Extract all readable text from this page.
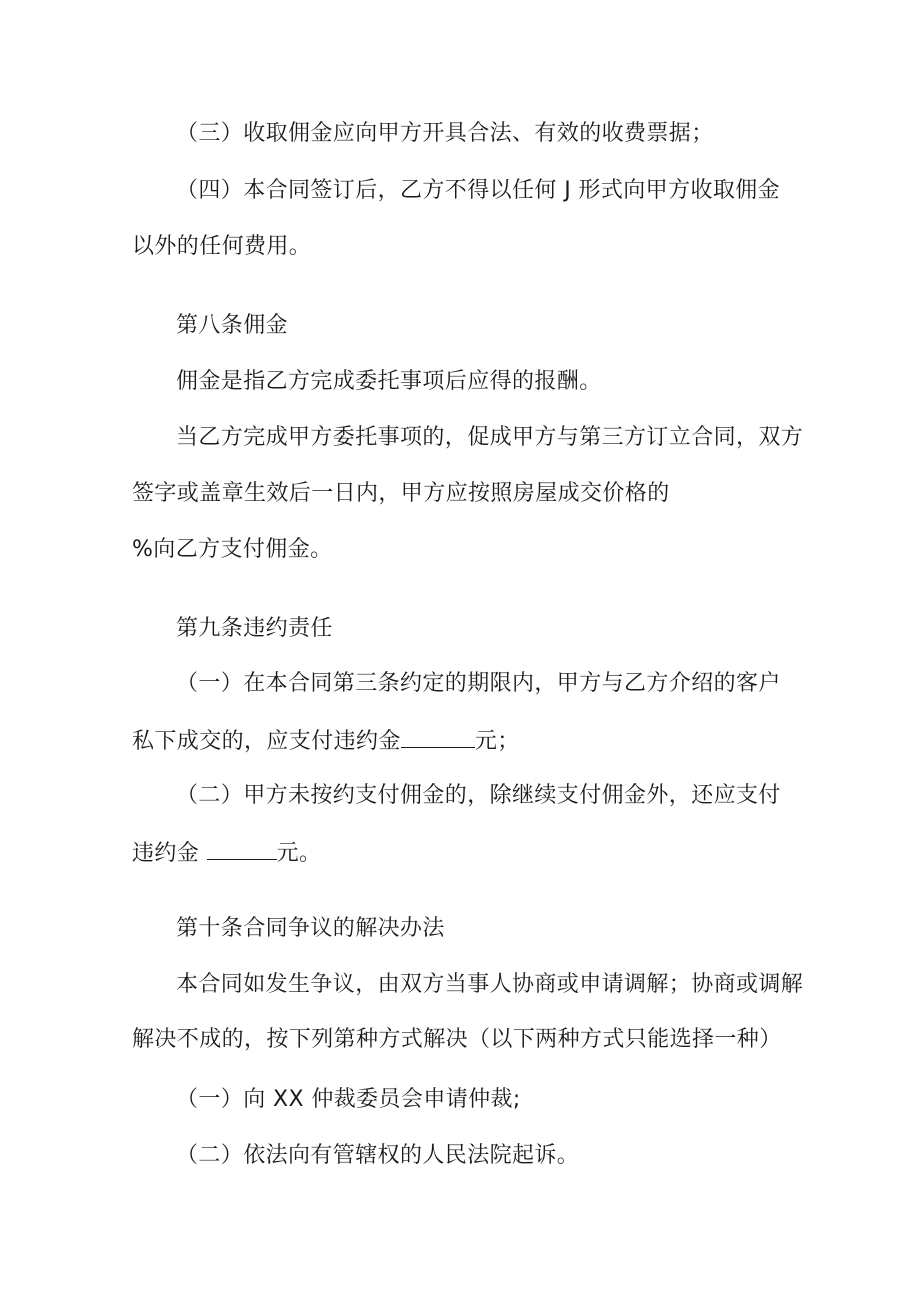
（三）收取佣金应向甲方开具合法、有效的收费票据；
（四）本合同签订后，乙方不得以任何 J 形式向甲方收取佣金
以外的任何费用。
第八条佣金
佣金是指乙方完成委托事项后应得的报酬。
当乙方完成甲方委托事项的，促成甲方与第三方订立合同，双方
签字或盖章生效后一日内，甲方应按照房屋成交价格的
%向乙方支付佣金。
第九条违约责任
（一）在本合同第三条约定的期限内，甲方与乙方介绍的客户
私下成交的，应支付违约金	元；
（二）甲方未按约支付佣金的，除继续支付佣金外，还应支付
违约金	元。
第十条合同争议的解决办法
本合同如发生争议，由双方当事人协商或申请调解；协商或调解
解决不成的，按下列第种方式解决（以下两种方式只能选择一种）
（一）向 XX 仲裁委员会申请仲裁;
（二）依法向有管辖权的人民法院起诉。
